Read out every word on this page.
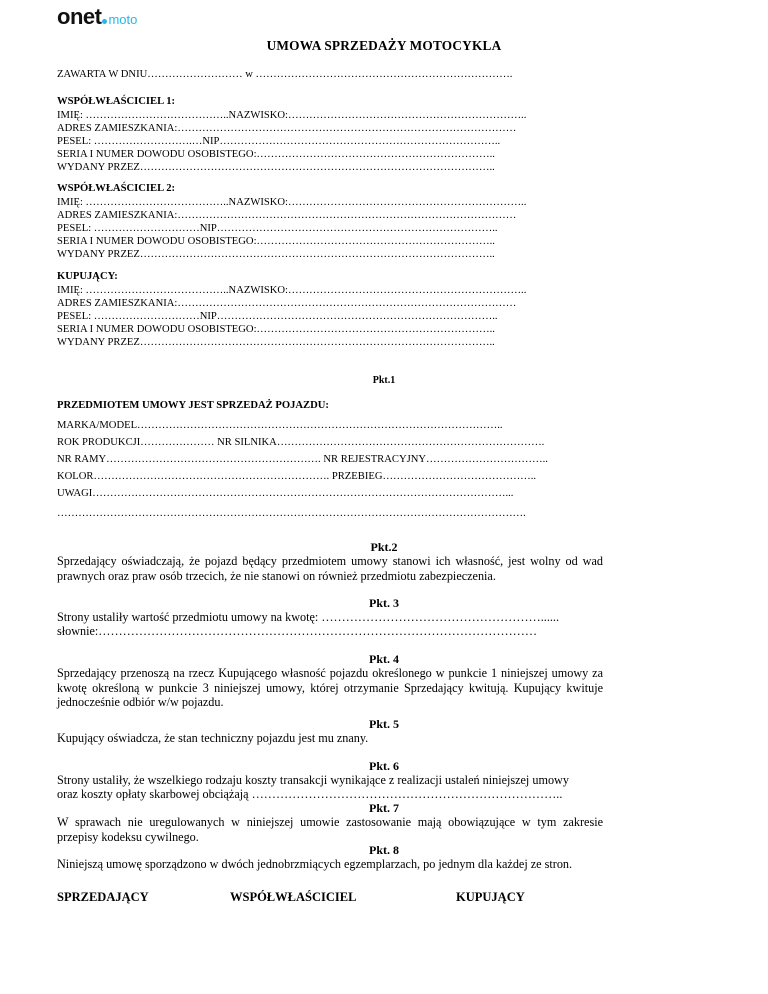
onet moto
UMOWA SPRZEDAŻY MOTOCYKLA
ZAWARTA W DNIU……………………… w ……………………………………………………………….
WSPÓŁWŁAŚCICIEL 1:
IMIĘ: …………………………………..NAZWISKO:…………………………………………………………..
ADRES ZAMIESZKANIA:……………………………………………………………………………………
PESEL: ……………………….…NIP……………………………………………………………………..
SERIA I NUMER DOWODU OSOBISTEGO:…………………………………………………………..
WYDANY PRZEZ………………………………………………………………………………………..
WSPÓŁWŁAŚCICIEL 2:
IMIĘ: …………………………………..NAZWISKO:…………………………………………………………..
ADRES ZAMIESZKANIA:……………………………………………………………………………………
PESEL: …………………………NIP……………………………………………………………………..
SERIA I NUMER DOWODU OSOBISTEGO:…………………………………………………………..
WYDANY PRZEZ………………………………………………………………………………………..
KUPUJĄCY:
IMIĘ: …………………………………..NAZWISKO:…………………………………………………………..
ADRES ZAMIESZKANIA:……………………………………………………………………………………
PESEL: …………………………NIP……………………………………………………………………..
SERIA I NUMER DOWODU OSOBISTEGO:…………………………………………………………..
WYDANY PRZEZ………………………………………………………………………………………..
Pkt.1
PRZEDMIOTEM UMOWY JEST SPRZEDAŻ POJAZDU:
MARKA/MODEL…………………………………………………………………………………………..
ROK PRODUKCJI………………… NR SILNIKA………………………………………………………………….
NR RAMY……………………………………………………. NR REJESTRACYJNY……………………………..
KOLOR…………………………………………………………. PRZEBIEG……………………………………..
UWAGI………………………………………………………………………………………………………...
…………………………………………………………………………………………………………………….
Pkt.2
Sprzedający oświadczają, że pojazd będący przedmiotem umowy stanowi ich własność, jest wolny od wad prawnych oraz praw osób trzecich, że nie stanowi on również przedmiotu zabezpieczenia.
Pkt. 3
Strony ustaliły wartość przedmiotu umowy na kwotę: ………………………………………………......
słownie:………………………………………………………………………………………………
Pkt. 4
Sprzedający przenoszą na rzecz Kupującego własność pojazdu określonego w punkcie 1 niniejszej umowy za kwotę określoną w punkcie 3 niniejszej umowy, której otrzymanie Sprzedający kwitują. Kupujący kwituje jednocześnie odbiór w/w pojazdu.
Pkt. 5
Kupujący oświadcza, że stan techniczny pojazdu jest mu znany.
Pkt. 6
Strony ustaliły, że wszelkiego rodzaju koszty transakcji wynikające z realizacji ustaleń niniejszej umowy
oraz koszty opłaty skarbowej obciążają …………………………………………………………………..
Pkt. 7
W sprawach nie uregulowanych w niniejszej umowie zastosowanie mają obowiązujące w tym zakresie przepisy kodeksu cywilnego.
Pkt. 8
Niniejszą umowę sporządzono w dwóch jednobrzmiących egzemplarzach, po jednym dla każdej ze stron.
SPRZEDAJĄCY	WSPÓŁWŁAŚCICIEL	KUPUJĄCY
